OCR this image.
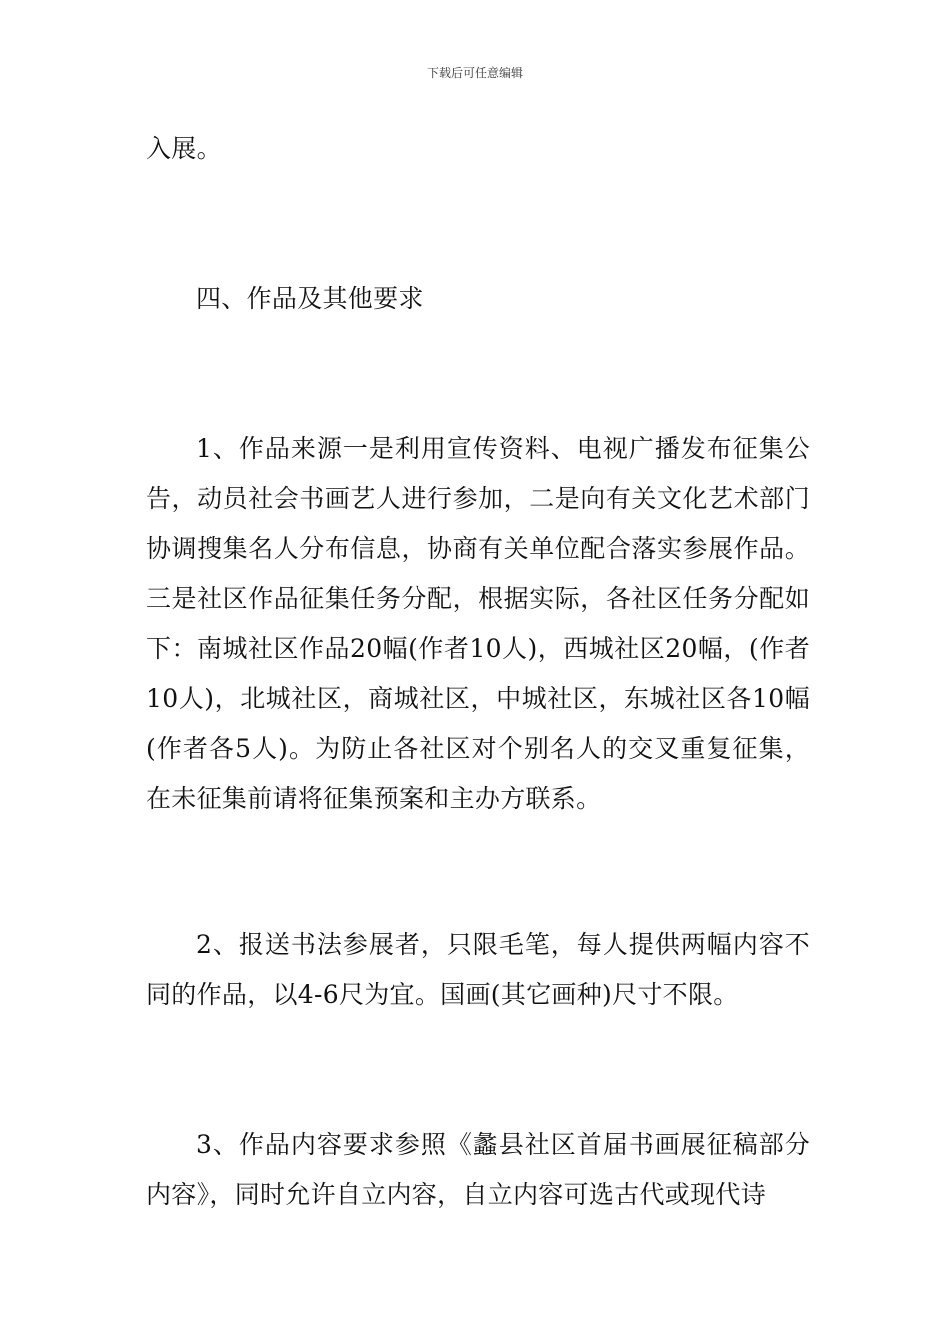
下载后可任意编辑

入展。

四、作品及其他要求

1、作品来源一是利用宣传资料、电视广播发布征集公告，动员社会书画艺人进行参加，二是向有关文化艺术部门协调搜集名人分布信息，协商有关单位配合落实参展作品。三是社区作品征集任务分配，根据实际，各社区任务分配如下：南城社区作品20幅(作者10人)，西城社区20幅，(作者10人)，北城社区，商城社区，中城社区，东城社区各10幅(作者各5人)。为防止各社区对个别名人的交叉重复征集，在未征集前请将征集预案和主办方联系。

2、报送书法参展者，只限毛笔，每人提供两幅内容不同的作品，以4-6尺为宜。国画(其它画种)尺寸不限。

3、作品内容要求参照《蠡县社区首届书画展征稿部分内容》，同时允许自立内容，自立内容可选古代或现代诗
